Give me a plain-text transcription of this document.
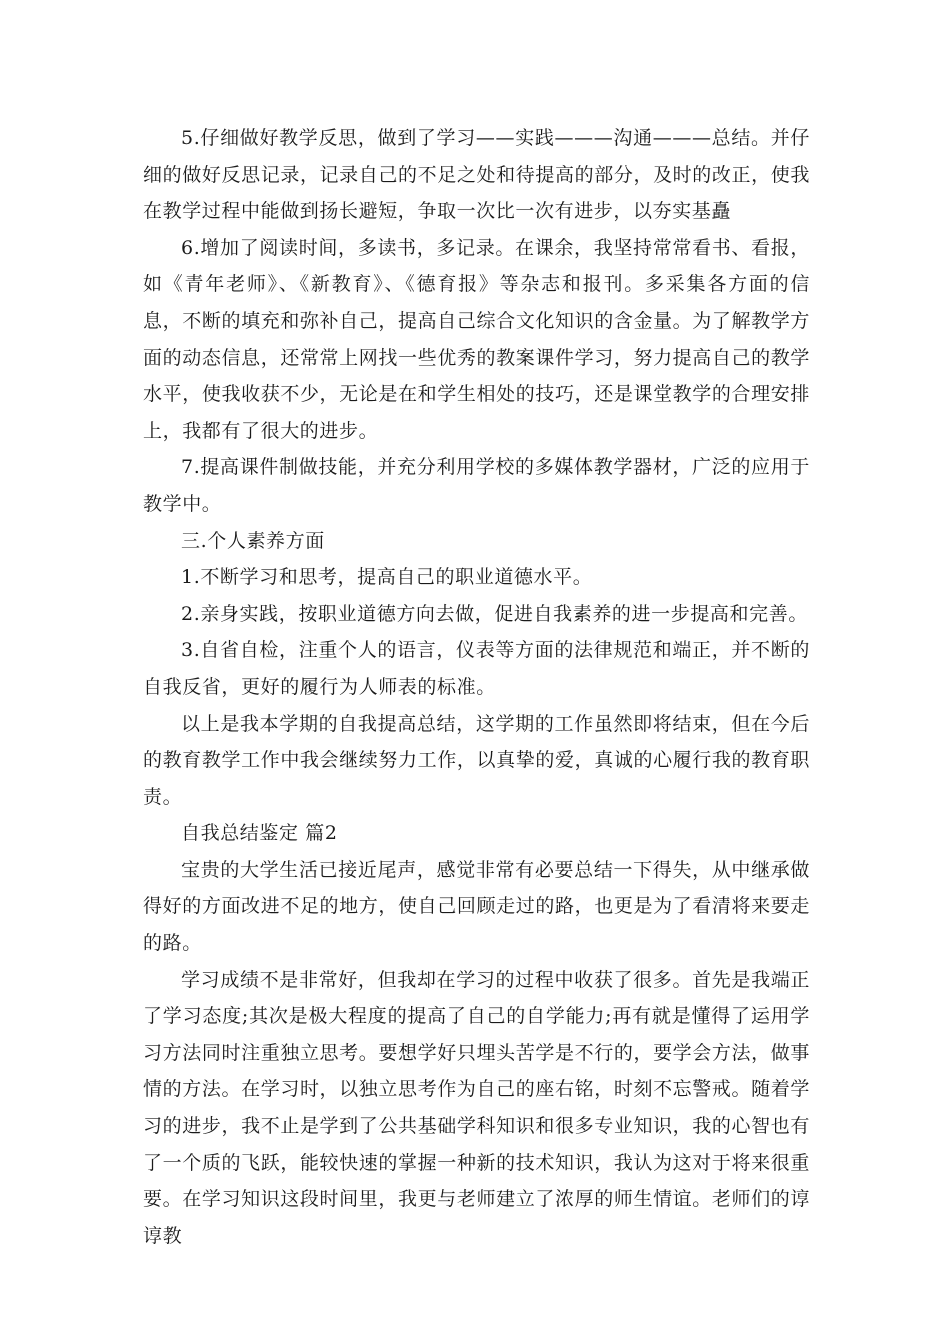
5.仔细做好教学反思，做到了学习——实践———沟通———总结。并仔细的做好反思记录，记录自己的不足之处和待提高的部分，及时的改正，使我在教学过程中能做到扬长避短，争取一次比一次有进步，以夯实基矗

6.增加了阅读时间，多读书，多记录。在课余，我坚持常常看书、看报，如《青年老师》、《新教育》、《德育报》等杂志和报刊。多采集各方面的信息，不断的填充和弥补自己，提高自己综合文化知识的含金量。为了解教学方面的动态信息，还常常上网找一些优秀的教案课件学习，努力提高自己的教学水平，使我收获不少，无论是在和学生相处的技巧，还是课堂教学的合理安排上，我都有了很大的进步。

7.提高课件制做技能，并充分利用学校的多媒体教学器材，广泛的应用于教学中。

三.个人素养方面

1.不断学习和思考，提高自己的职业道德水平。

2.亲身实践，按职业道德方向去做，促进自我素养的进一步提高和完善。

3.自省自检，注重个人的语言，仪表等方面的法律规范和端正，并不断的自我反省，更好的履行为人师表的标准。

以上是我本学期的自我提高总结，这学期的工作虽然即将结束，但在今后的教育教学工作中我会继续努力工作，以真挚的爱，真诚的心履行我的教育职责。

自我总结鉴定 篇2

宝贵的大学生活已接近尾声，感觉非常有必要总结一下得失，从中继承做得好的方面改进不足的地方，使自己回顾走过的路，也更是为了看清将来要走的路。

学习成绩不是非常好，但我却在学习的过程中收获了很多。首先是我端正了学习态度;其次是极大程度的提高了自己的自学能力;再有就是懂得了运用学习方法同时注重独立思考。要想学好只埋头苦学是不行的，要学会方法，做事情的方法。在学习时，以独立思考作为自己的座右铭，时刻不忘警戒。随着学习的进步，我不止是学到了公共基础学科知识和很多专业知识，我的心智也有了一个质的飞跃，能较快速的掌握一种新的技术知识，我认为这对于将来很重要。在学习知识这段时间里，我更与老师建立了浓厚的师生情谊。老师们的谆谆教
